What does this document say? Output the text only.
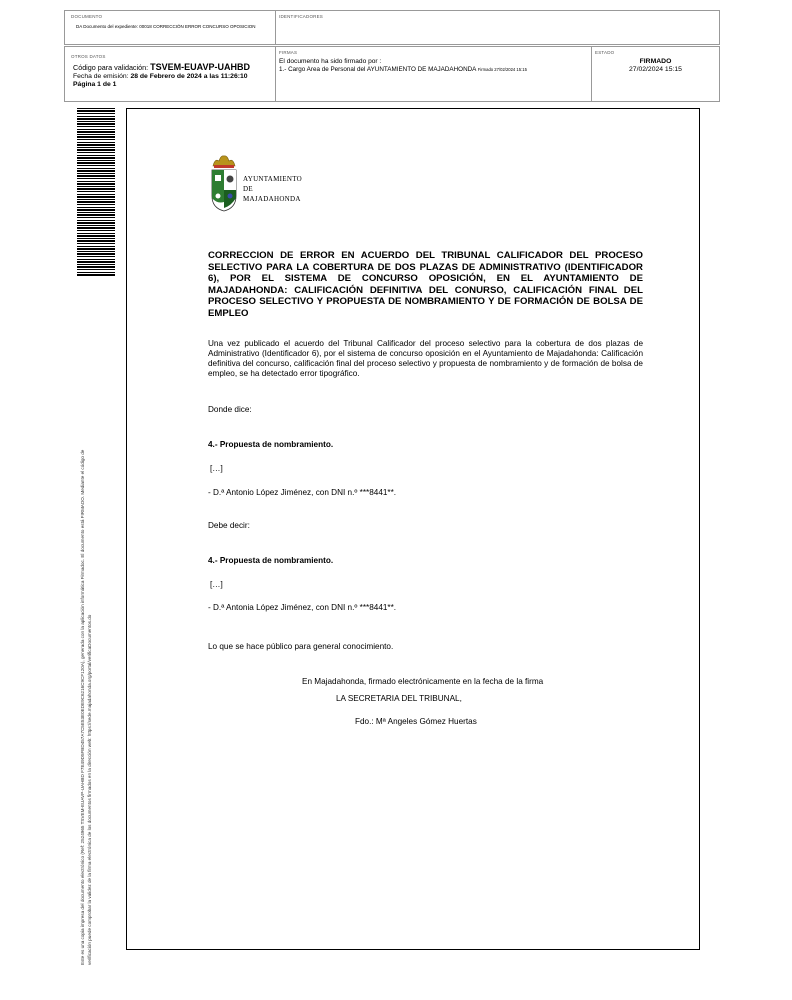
DOCUMENTO
DA Documento del expediente: 00018 CORRECCIÓN ERROR CONCURSO OPOSICION
IDENTIFICADORES
OTROS DATOS
Código para validación: TSVEM-EUAVP-UAHBD
Fecha de emisión: 28 de Febrero de 2024 a las 11:26:10
Página 1 de 1
FIRMAS
El documento ha sido firmado por :
1.- Cargo Area de Personal del AYUNTAMIENTO DE MAJADAHONDA Firmado 27/02/2024 15:15
ESTADO
FIRMADO
27/02/2024 15:15
Este es una copia impresa del documento electrónico (Ref: 2524965 TSVEM-EUAVP-UAHBD F7E49D5FBD457A7C5E53E0EDE9C6216C9CF120A), generada con la aplicación informática Firmadoc. El documento está FIRMADO. Mediante el código de verificación puede comprobar la validez de la firma electrónica de los documentos firmados en la dirección web: https://sede.majadahonda.org/portal/verificaDocumentos.do
AYUNTAMIENTO
DE
MAJADAHONDA
CORRECCION DE ERROR EN ACUERDO DEL TRIBUNAL CALIFICADOR DEL PROCESO SELECTIVO PARA LA COBERTURA DE DOS PLAZAS DE ADMINISTRATIVO (IDENTIFICADOR 6), POR EL SISTEMA DE CONCURSO OPOSICIÓN, EN EL AYUNTAMIENTO DE MAJADAHONDA: CALIFICACIÓN DEFINITIVA DEL CONURSO, CALIFICACIÓN FINAL DEL PROCESO SELECTIVO Y PROPUESTA DE NOMBRAMIENTO Y DE FORMACIÓN DE BOLSA DE EMPLEO
Una vez publicado el acuerdo del Tribunal Calificador del proceso selectivo para la cobertura de dos plazas de Administrativo (Identificador 6), por el sistema de concurso oposición en el Ayuntamiento de Majadahonda: Calificación definitiva del concurso, calificación final del proceso selectivo y propuesta de nombramiento y de formación de bolsa de empleo, se ha detectado error tipográfico.
Donde dice:
4.- Propuesta de nombramiento.
[…]
- D.ª Antonio López Jiménez, con DNI n.º ***8441**.
Debe decir:
4.- Propuesta de nombramiento.
[…]
- D.ª Antonia López Jiménez, con DNI n.º ***8441**.
Lo que se hace público para general conocimiento.
En Majadahonda, firmado electrónicamente en la fecha de la firma
LA SECRETARIA DEL TRIBUNAL,
Fdo.: Mª Angeles Gómez Huertas
